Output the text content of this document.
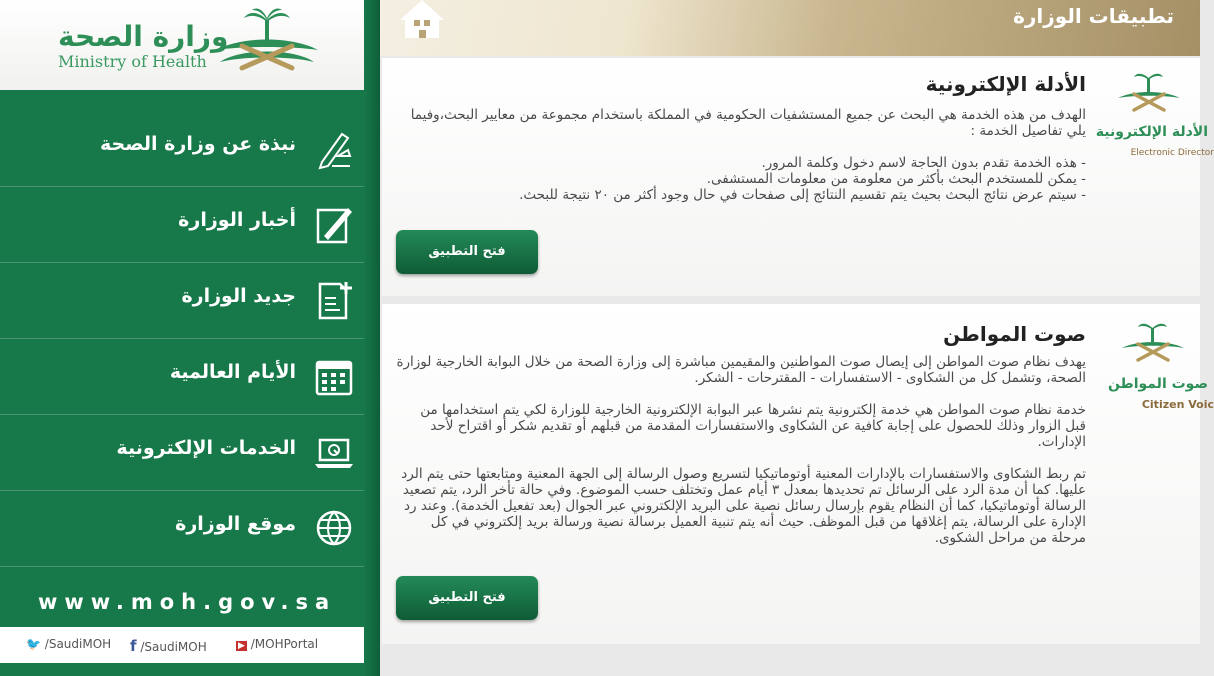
وزارة الصحة
Ministry of Health
نبذة عن وزارة الصحة
أخبار الوزارة
جديد الوزارة
الأيام العالمية
الخدمات الإلكترونية
موقع الوزارة
www.moh.gov.sa
🐦 /SaudiMOH f /SaudiMOH	▶ /MOHPortal
تطبيقات الوزارة
الأدلة الإلكترونية
Electronic Director
الأدلة الإلكترونية

الهدف من هذه الخدمة هي البحث عن جميع المستشفيات الحكومية في المملكة باستخدام مجموعة من معايير البحث،وفيما يلي تفاصيل الخدمة :

- هذه الخدمة تقدم بدون الحاجة لاسم دخول وكلمة المرور.

- يمكن للمستخدم البحث بأكثر من معلومة من معلومات المستشفى.

- سيتم عرض نتائج البحث بحيث يتم تقسيم النتائج إلى صفحات في حال وجود أكثر من ٢٠ نتيجة للبحث.

فتح التطبيق
صوت المواطن
Citizen Voic
صوت المواطن

يهدف نظام صوت المواطن إلى إيصال صوت المواطنين والمقيمين مباشرة إلى وزارة الصحة من خلال البوابة الخارجية لوزارة الصحة، وتشمل كل من الشكاوى - الاستفسارات - المقترحات - الشكر.

خدمة نظام صوت المواطن هي خدمة إلكترونية يتم نشرها عبر البوابة الإلكترونية الخارجية للوزارة لكي يتم استخدامها من قبل الزوار وذلك للحصول على إجابة كافية عن الشكاوى والاستفسارات المقدمة من قبلهم أو تقديم شكر أو اقتراح لأحد الإدارات.

تم ربط الشكاوى والاستفسارات بالإدارات المعنية أوتوماتيكيا لتسريع وصول الرسالة إلى الجهة المعنية ومتابعتها حتى يتم الرد عليها. كما أن مدة الرد على الرسائل تم تحديدها بمعدل ٣ أيام عمل وتختلف حسب الموضوع. وفي حالة تأخر الرد، يتم تصعيد الرسالة أوتوماتيكيا، كما أن النظام يقوم بإرسال رسائل نصية على البريد الإلكتروني عبر الجوال (بعد تفعيل الخدمة). وعند رد الإدارة على الرسالة، يتم إغلاقها من قبل الموظف. حيث أنه يتم تنبية العميل برسالة نصية ورسالة بريد إلكتروني في كل مرحلة من مراحل الشكوى.

فتح التطبيق
